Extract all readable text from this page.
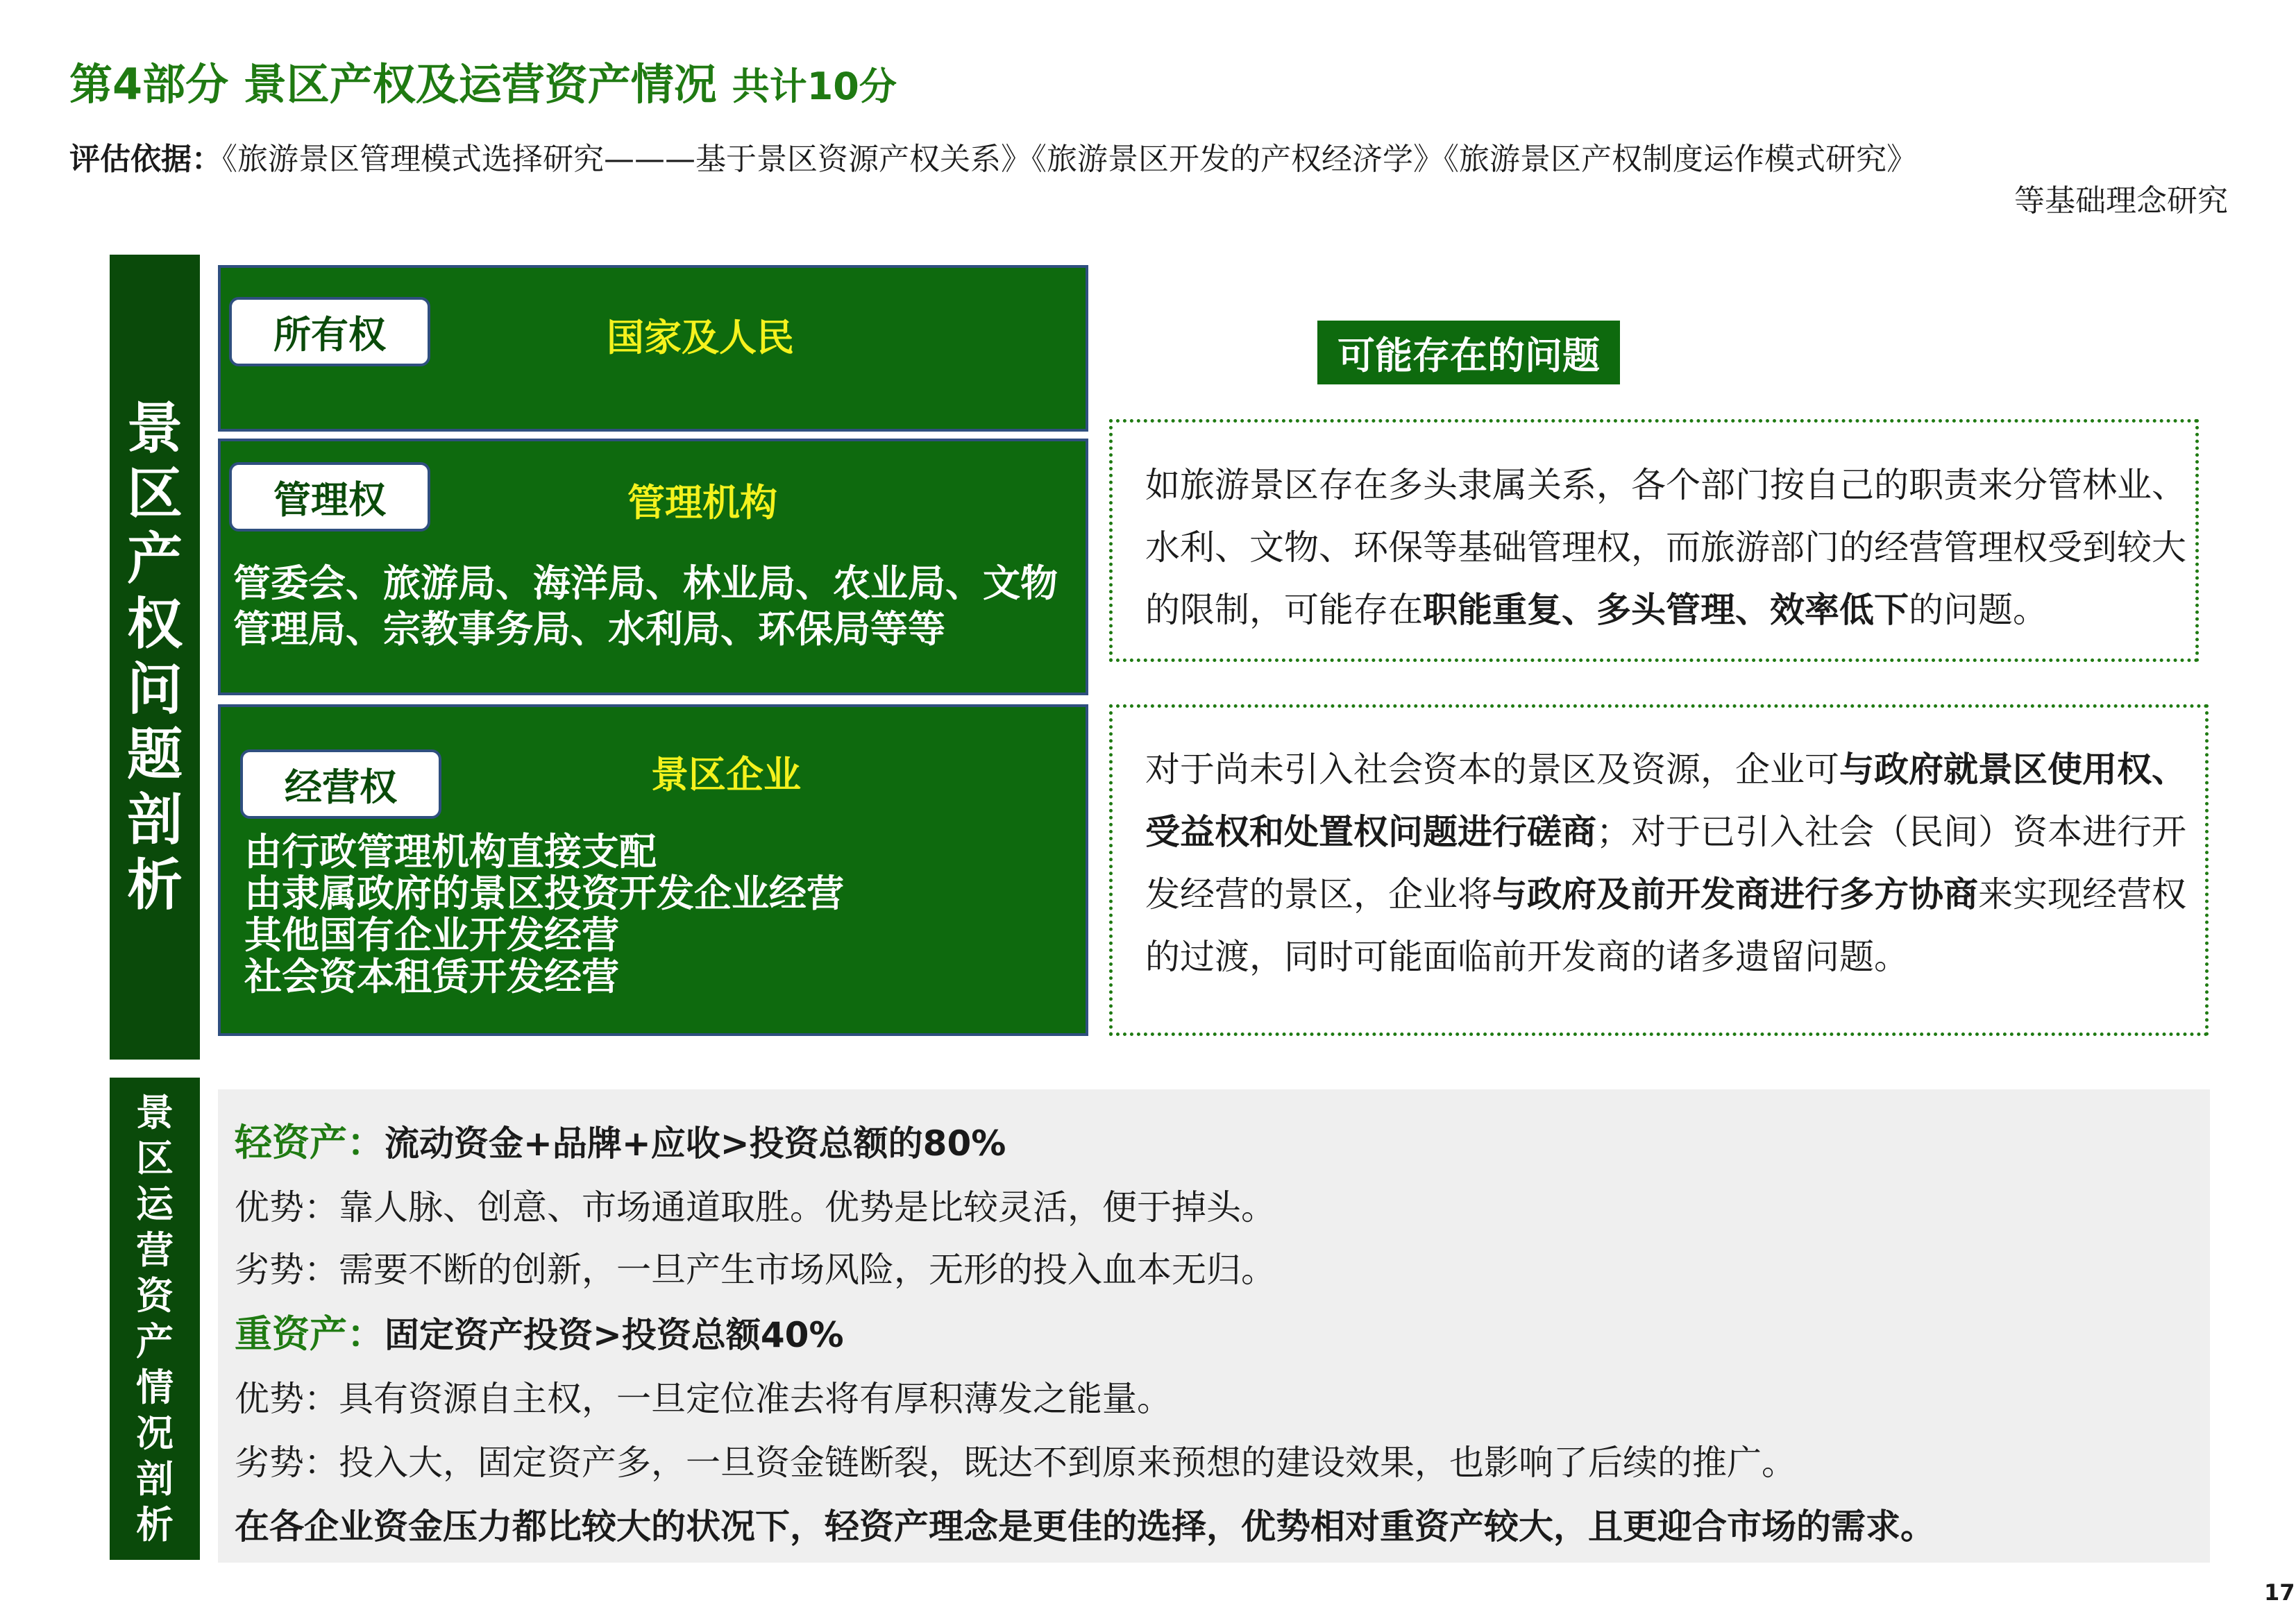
第4部分 景区产权及运营资产情况 共计10分
评估依据：《旅游景区管理模式选择研究———基于景区资源产权关系》《旅游景区开发的产权经济学》《旅游景区产权制度运作模式研究》
等基础理念研究
景
区
产
权
问
题
剖
析
所有权	国家及人民
管理权	管理机构
管委会、旅游局、海洋局、林业局、农业局、文物管理局、宗教事务局、水利局、环保局等等
经营权	景区企业
由行政管理机构直接支配
由隶属政府的景区投资开发企业经营
其他国有企业开发经营
社会资本租赁开发经营
可能存在的问题
如旅游景区存在多头隶属关系，各个部门按自己的职责来分管林业、水利、文物、环保等基础管理权，而旅游部门的经营管理权受到较大的限制，可能存在职能重复、多头管理、效率低下的问题。
对于尚未引入社会资本的景区及资源，企业可与政府就景区使用权、受益权和处置权问题进行磋商；对于已引入社会（民间）资本进行开发经营的景区，企业将与政府及前开发商进行多方协商来实现经营权的过渡，同时可能面临前开发商的诸多遗留问题。
景
区
运
营
资
产
情
况
剖
析
轻资产：流动资金+品牌+应收>投资总额的80%
优势：靠人脉、创意、市场通道取胜。优势是比较灵活，便于掉头。
劣势：需要不断的创新，一旦产生市场风险，无形的投入血本无归。
重资产：固定资产投资>投资总额40%
优势：具有资源自主权，一旦定位准去将有厚积薄发之能量。
劣势：投入大，固定资产多，一旦资金链断裂，既达不到原来预想的建设效果，也影响了后续的推广。
在各企业资金压力都比较大的状况下，轻资产理念是更佳的选择，优势相对重资产较大，且更迎合市场的需求。
17
